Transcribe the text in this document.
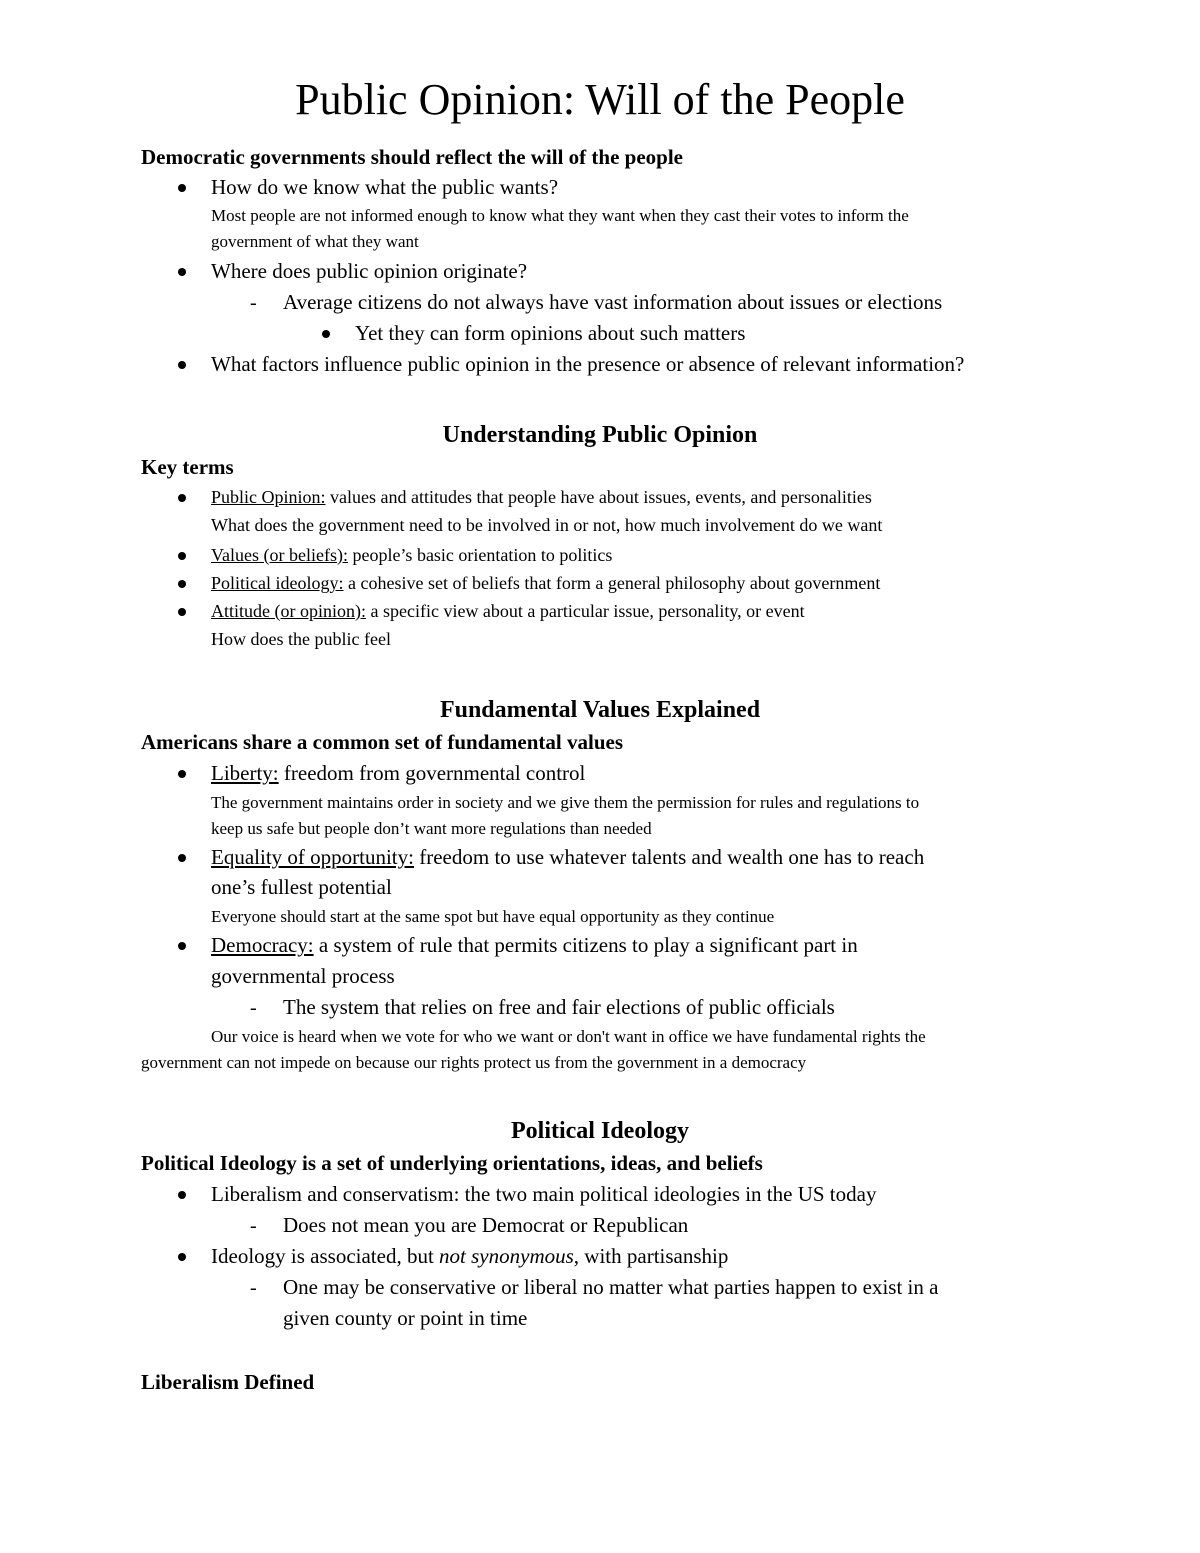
Public Opinion: Will of the People
Democratic governments should reflect the will of the people
How do we know what the public wants?
Most people are not informed enough to know what they want when they cast their votes to inform the
government of what they want
Where does public opinion originate?
- Average citizens do not always have vast information about issues or elections
Yet they can form opinions about such matters
What factors influence public opinion in the presence or absence of relevant information?
Understanding Public Opinion
Key terms
Public Opinion: values and attitudes that people have about issues, events, and personalities
What does the government need to be involved in or not, how much involvement do we want
Values (or beliefs): people’s basic orientation to politics
Political ideology: a cohesive set of beliefs that form a general philosophy about government
Attitude (or opinion): a specific view about a particular issue, personality, or event
How does the public feel
Fundamental Values Explained
Americans share a common set of fundamental values
Liberty: freedom from governmental control
The government maintains order in society and we give them the permission for rules and regulations to
keep us safe but people don’t want more regulations than needed
Equality of opportunity: freedom to use whatever talents and wealth one has to reach
one’s fullest potential
Everyone should start at the same spot but have equal opportunity as they continue
Democracy: a system of rule that permits citizens to play a significant part in
governmental process
- The system that relies on free and fair elections of public officials
Our voice is heard when we vote for who we want or don't want in office we have fundamental rights the
government can not impede on because our rights protect us from the government in a democracy
Political Ideology
Political Ideology is a set of underlying orientations, ideas, and beliefs
Liberalism and conservatism: the two main political ideologies in the US today
- Does not mean you are Democrat or Republican
Ideology is associated, but not synonymous, with partisanship
- One may be conservative or liberal no matter what parties happen to exist in a
given county or point in time
Liberalism Defined
